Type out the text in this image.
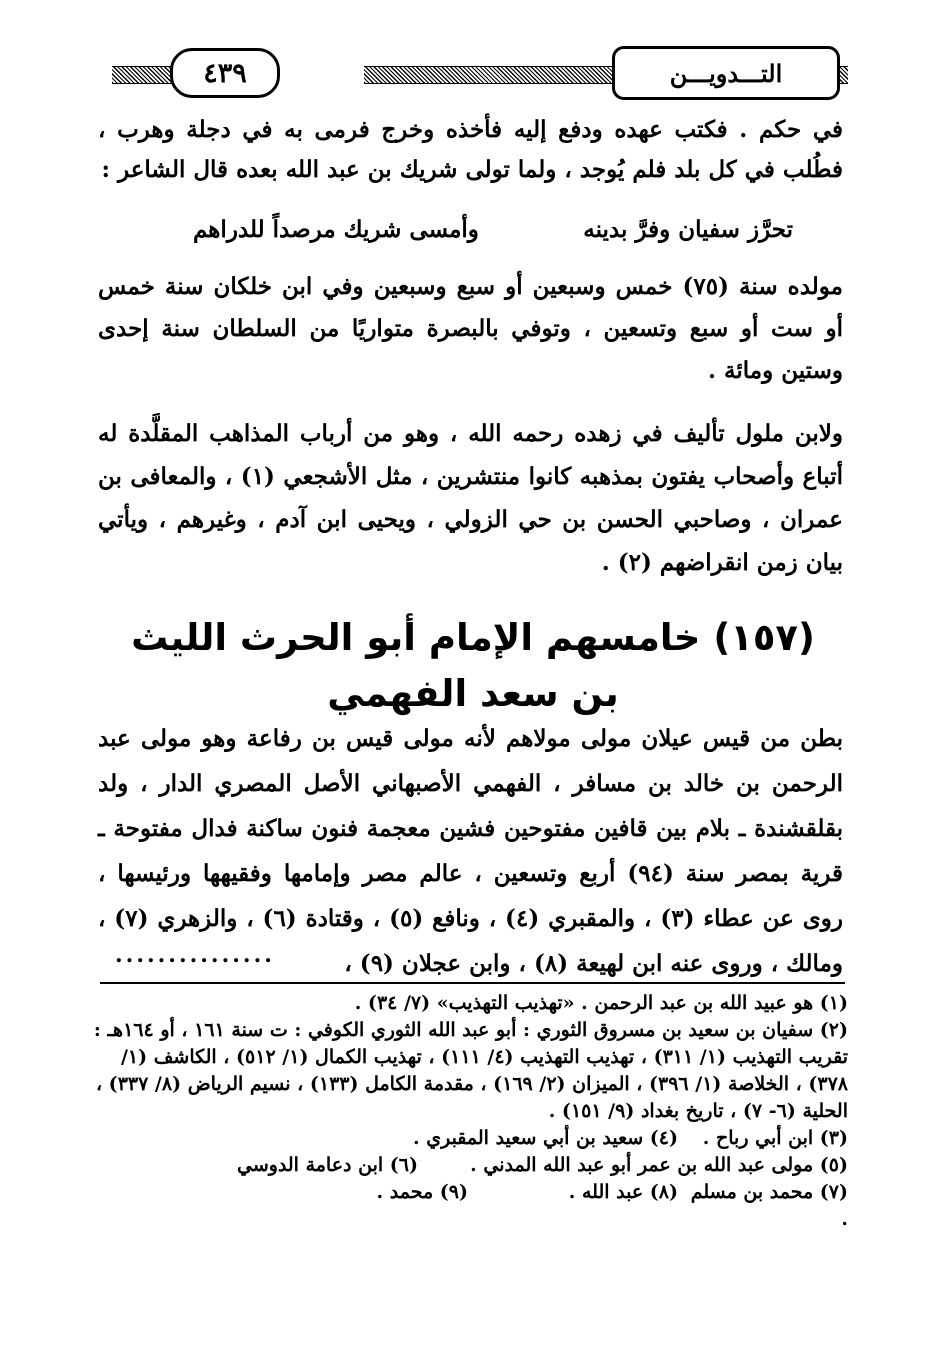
٤٣٩	التـــدويـــن

في حكم . فكتب عهده ودفع إليه فأخذه وخرج فرمى به في دجلة وهرب ، فطُلب في كل بلد فلم يُوجد ، ولما تولى شريك بن عبد الله بعده قال الشاعر :

تحرَّز سفيان وفرَّ بدينه
وأمسى شريك مرصداً للدراهم

مولده سنة (٧٥) خمس وسبعين أو سبع وسبعين وفي ابن خلكان سنة خمس أو ست أو سبع وتسعين ، وتوفي بالبصرة متواريًا من السلطان سنة إحدى وستين ومائة .

ولابن ملول تأليف في زهده رحمه الله ، وهو من أرباب المذاهب المقلَّدة له أتباع وأصحاب يفتون بمذهبه كانوا منتشرين ، مثل الأشجعي (١) ، والمعافى بن عمران ، وصاحبي الحسن بن حي الزولي ، ويحيى ابن آدم ، وغيرهم ، ويأتي بيان زمن انقراضهم (٢) .

(١٥٧) خامسهم الإمام أبو الحرث الليث بن سعد الفهمي

بطن من قيس عيلان مولى مولاهم لأنه مولى قيس بن رفاعة وهو مولى عبد الرحمن بن خالد بن مسافر ، الفهمي الأصبهاني الأصل المصري الدار ، ولد بقلقشندة ـ بلام بين قافين مفتوحين فشين معجمة فنون ساكنة فدال مفتوحة ـ قرية بمصر سنة (٩٤) أربع وتسعين ، عالم مصر وإمامها وفقيهها ورئيسها ، روى عن عطاء (٣) ، والمقبري (٤) ، ونافع (٥) ، وقتادة (٦) ، والزهري (٧) ، ومالك ، وروى عنه ابن لهيعة (٨) ، وابن عجلان (٩) ،

...............

(١) هو عبيد الله بن عبد الرحمن . «تهذيب التهذيب» (٧/ ٣٤) .

(٢) سفيان بن سعيد بن مسروق الثوري : أبو عبد الله الثوري الكوفي : ت سنة ١٦١ ، أو ١٦٤هـ :

تقريب التهذيب (١/ ٣١١) ، تهذيب التهذيب (٤/ ١١١) ، تهذيب الكمال (١/ ٥١٢) ، الكاشف (١/ ٣٧٨) ، الخلاصة (١/ ٣٩٦) ، الميزان (٢/ ١٦٩) ، مقدمة الكامل (١٣٣) ، نسيم الرياض (٨/ ٣٣٧) ، الحلية (٦- ٧) ، تاريخ بغداد (٩/ ١٥١) .

(٣) ابن أبي رباح .
(٤) سعيد بن أبي سعيد المقبري .
(٥) مولى عبد الله بن عمر أبو عبد الله المدني .
(٦) ابن دعامة الدوسي
(٧) محمد بن مسلم .
(٨) عبد الله .
(٩) محمد .
